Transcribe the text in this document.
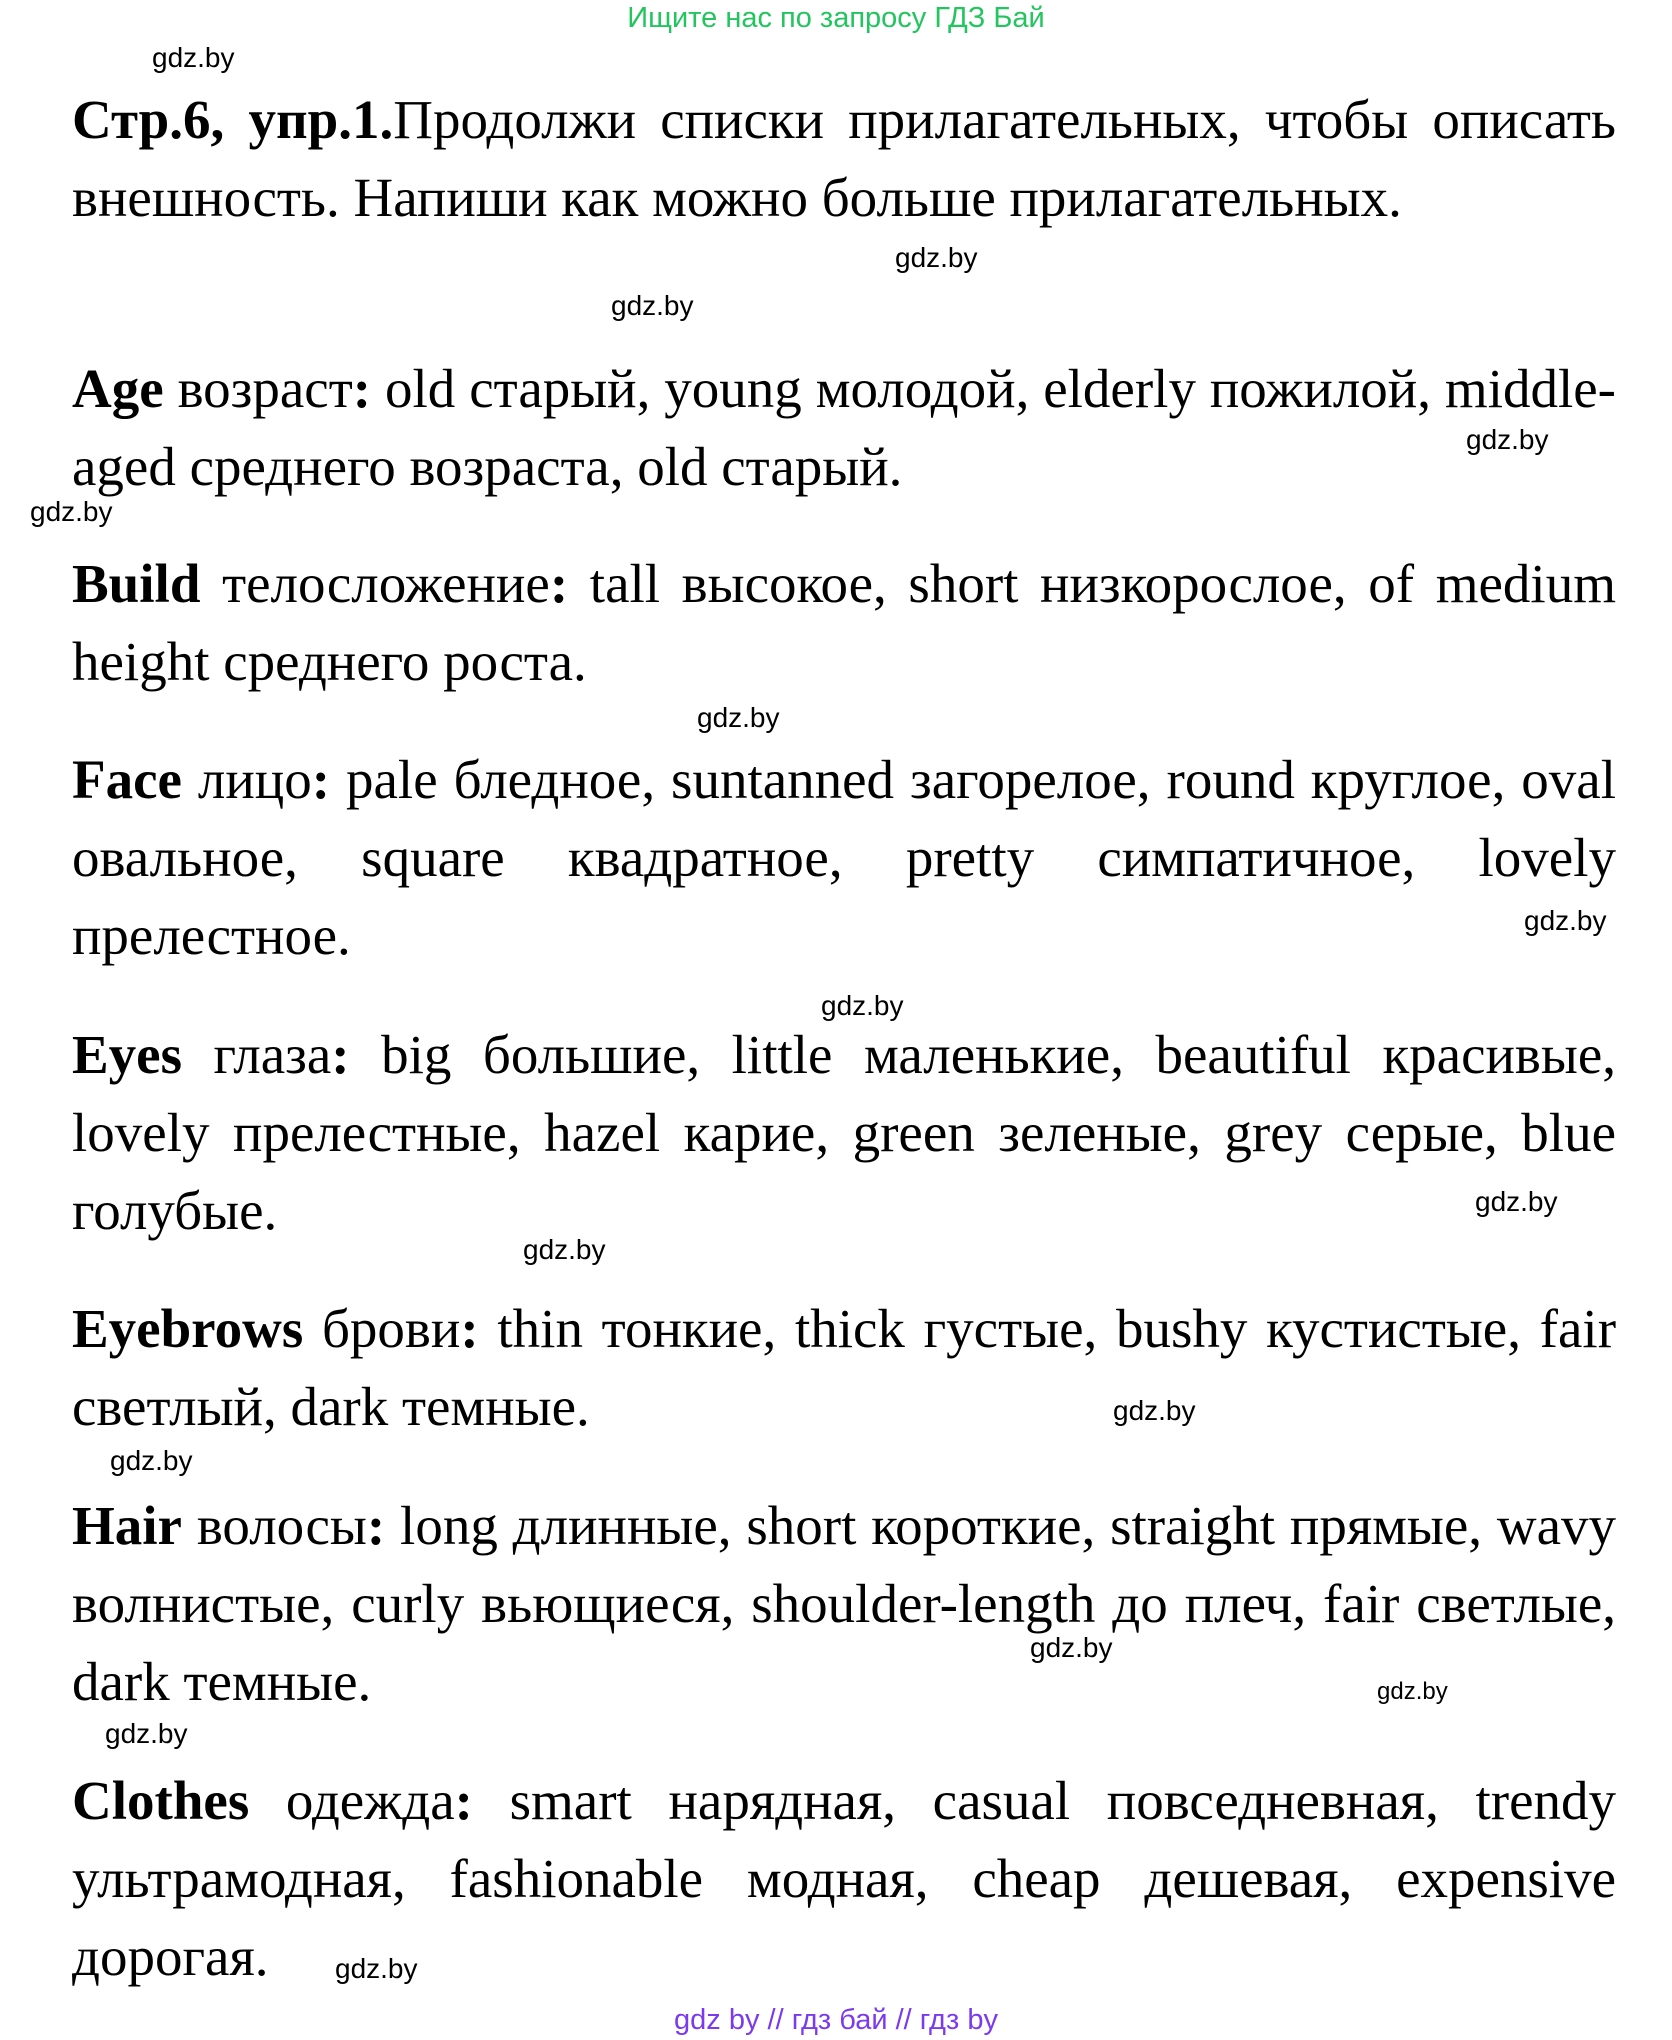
Ищите нас по запросу ГДЗ Бай

Стр.6, упр.1.Продолжи списки прилагательных, чтобы описать внешность. Напиши как можно больше прилагательных.

Age возраст: old старый, young молодой, elderly пожилой, middle-aged среднего возраста, old старый.

Build телосложение: tall высокое, short низкорослое, of medium height среднего роста.

Face лицо: pale бледное, suntanned загорелое, round круглое, oval овальное, square квадратное, pretty симпатичное, lovely прелестное.

Eyes глаза: big большие, little маленькие, beautiful красивые, lovely прелестные, hazel карие, green зеленые, grey серые, blue голубые.

Eyebrows брови: thin тонкие, thick густые, bushy кустистые, fair светлый, dark темные.

Hair волосы: long длинные, short короткие, straight прямые, wavy волнистые, curly вьющиеся, shoulder-length до плеч, fair светлые, dark темные.

Clothes одежда: smart нарядная, casual повседневная, trendy ультрамодная, fashionable модная, cheap дешевая, expensive дорогая.

gdz.by
gdz.by
gdz.by
gdz.by
gdz.by
gdz.by
gdz.by
gdz.by
gdz.by
gdz.by
gdz.by
gdz.by
gdz.by
gdz.by
gdz.by
gdz.by
gdz by // гдз бай // гдз by
